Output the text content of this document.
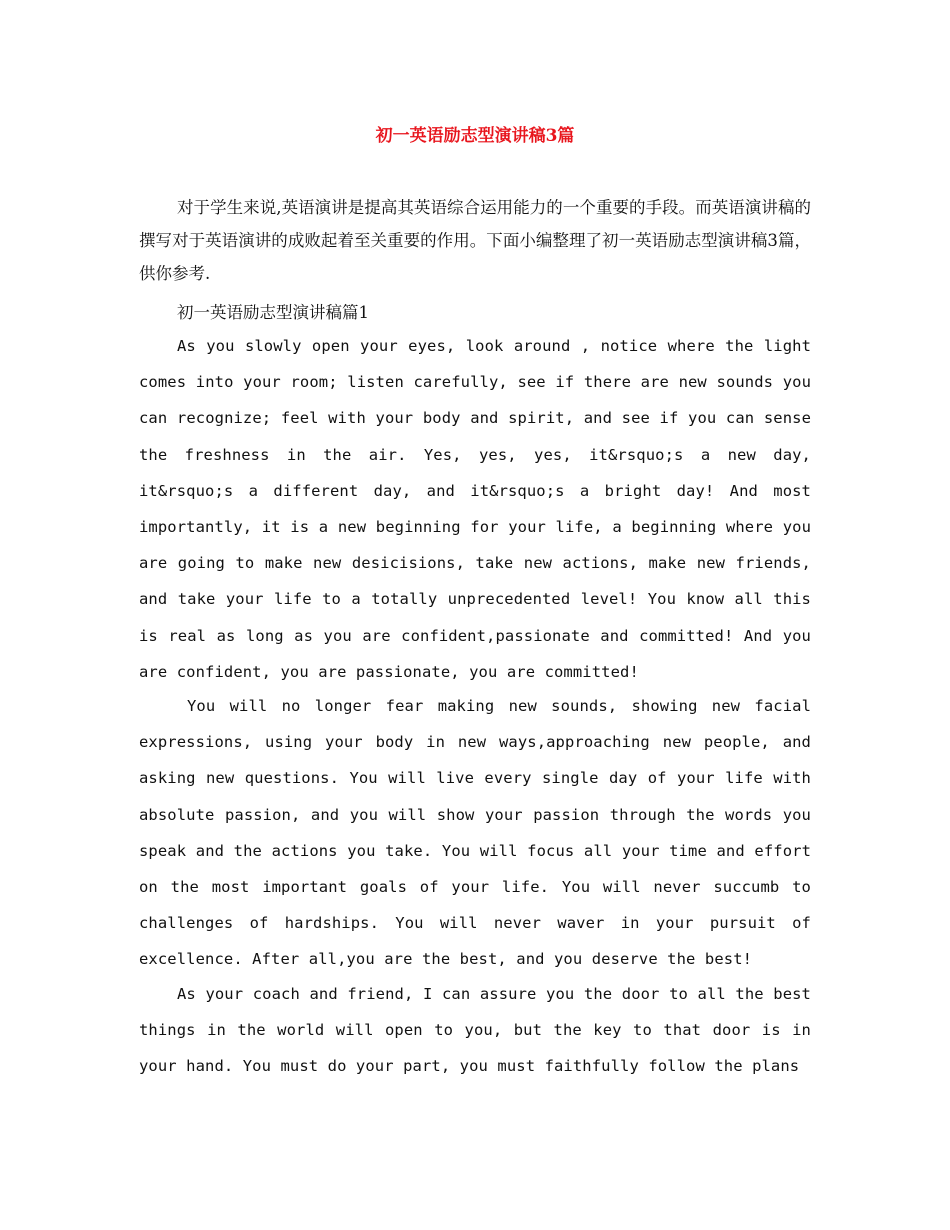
初一英语励志型演讲稿3篇

对于学生来说,英语演讲是提高其英语综合运用能力的一个重要的手段。而英语演讲稿的撰写对于英语演讲的成败起着至关重要的作用。下面小编整理了初一英语励志型演讲稿3篇，供你参考.

初一英语励志型演讲稿篇1

As you slowly open your eyes, look around , notice where the light comes into your room; listen carefully, see if there are new sounds you can recognize; feel with your body and spirit, and see if you can sense the freshness in the air. Yes, yes, yes, it&rsquo;s a new day, it&rsquo;s a different day, and it&rsquo;s a bright day! And most importantly, it is a new beginning for your life, a beginning where you are going to make new desicisions, take new actions, make new friends, and take your life to a totally unprecedented level! You know all this is real as long as you are confident,passionate and committed! And you are confident, you are passionate, you are committed!

You will no longer fear making new sounds, showing new facial expressions, using your body in new ways,approaching new people, and asking new questions. You will live every single day of your life with absolute passion, and you will show your passion through the words you speak and the actions you take. You will focus all your time and effort on the most important goals of your life. You will never succumb to challenges of hardships. You will never waver in your pursuit of excellence. After all,you are the best, and you deserve the best!

As your coach and friend, I can assure you the door to all the best things in the world will open to you, but the key to that door is in your hand. You must do your part, you must faithfully follow the plans
